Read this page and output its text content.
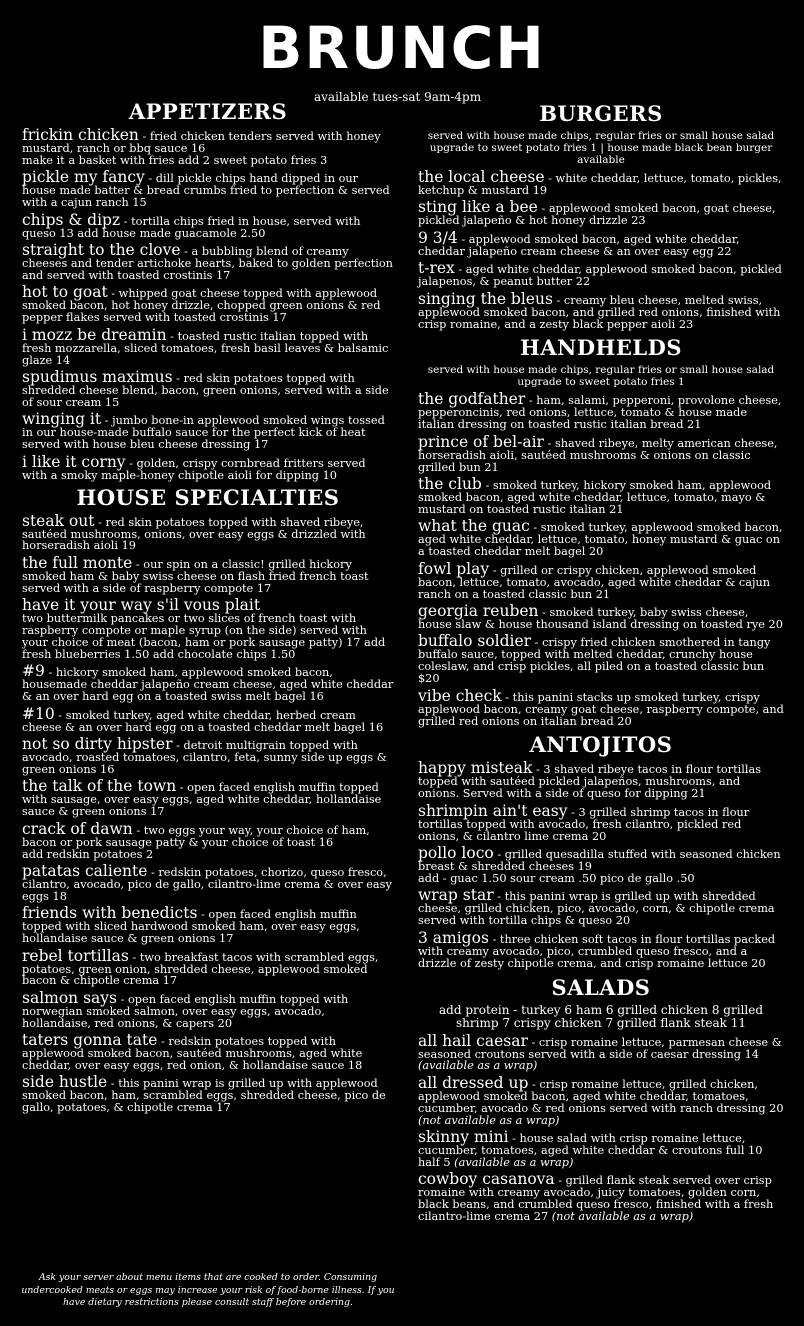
BRUNCH
available tues-sat 9am-4pm
APPETIZERS
frickin chicken - fried chicken tenders served with honey mustard, ranch or bbq sauce 16
make it a basket with fries add 2 sweet potato fries 3
pickle my fancy - dill pickle chips hand dipped in our house made batter & bread crumbs fried to perfection & served with a cajun ranch 15
chips & dipz - tortilla chips fried in house, served with queso 13 add house made guacamole 2.50
straight to the clove - a bubbling blend of creamy cheeses and tender artichoke hearts, baked to golden perfection and served with toasted crostinis 17
hot to goat - whipped goat cheese topped with applewood smoked bacon, hot honey drizzle, chopped green onions & red pepper flakes served with toasted crostinis 17
i mozz be dreamin - toasted rustic italian topped with fresh mozzarella, sliced tomatoes, fresh basil leaves & balsamic glaze 14
spudimus maximus - red skin potatoes topped with shredded cheese blend, bacon, green onions, served with a side of sour cream 15
winging it - jumbo bone-in applewood smoked wings tossed in our house-made buffalo sauce for the perfect kick of heat served with house bleu cheese dressing 17
i like it corny - golden, crispy cornbread fritters served with a smoky maple-honey chipotle aioli for dipping 10
HOUSE SPECIALTIES
steak out - red skin potatoes topped with shaved ribeye, sautéed mushrooms, onions, over easy eggs & drizzled with horseradish aioli 19
the full monte - our spin on a classic! grilled hickory smoked ham & baby swiss cheese on flash fried french toast served with a side of raspberry compote 17
have it your way s'il vous plait
two buttermilk pancakes or two slices of french toast with raspberry compote or maple syrup (on the side) served with your choice of meat (bacon, ham or pork sausage patty) 17 add fresh blueberries 1.50 add chocolate chips 1.50
#9 - hickory smoked ham, applewood smoked bacon, housemade cheddar jalapeño cream cheese, aged white cheddar & an over hard egg on a toasted swiss melt bagel 16
#10 - smoked turkey, aged white cheddar, herbed cream cheese & an over hard egg on a toasted cheddar melt bagel 16
not so dirty hipster - detroit multigrain topped with avocado, roasted tomatoes, cilantro, feta, sunny side up eggs & green onions 16
the talk of the town - open faced english muffin topped with sausage, over easy eggs, aged white cheddar, hollandaise sauce & green onions 17
crack of dawn - two eggs your way, your choice of ham, bacon or pork sausage patty & your choice of toast 16
add redskin potatoes 2
patatas caliente - redskin potatoes, chorizo, queso fresco, cilantro, avocado, pico de gallo, cilantro-lime crema & over easy eggs 18
friends with benedicts - open faced english muffin topped with sliced hardwood smoked ham, over easy eggs, hollandaise sauce & green onions 17
rebel tortillas - two breakfast tacos with scrambled eggs, potatoes, green onion, shredded cheese, applewood smoked bacon & chipotle crema 17
salmon says - open faced english muffin topped with norwegian smoked salmon, over easy eggs, avocado, hollandaise, red onions, & capers 20
taters gonna tate - redskin potatoes topped with applewood smoked bacon, sautéed mushrooms, aged white cheddar, over easy eggs, red onion, & hollandaise sauce 18
side hustle - this panini wrap is grilled up with applewood smoked bacon, ham, scrambled eggs, shredded cheese, pico de gallo, potatoes, & chipotle crema 17
Ask your server about menu items that are cooked to order. Consuming undercooked meats or eggs may increase your risk of food-borne illness. If you have dietary restrictions please consult staff before ordering.
BURGERS
served with house made chips, regular fries or small house salad upgrade to sweet potato fries 1 | house made black bean burger available
the local cheese - white cheddar, lettuce, tomato, pickles, ketchup & mustard 19
sting like a bee - applewood smoked bacon, goat cheese, pickled jalapeño & hot honey drizzle 23
9 3/4 - applewood smoked bacon, aged white cheddar, cheddar jalapeño cream cheese & an over easy egg 22
t-rex - aged white cheddar, applewood smoked bacon, pickled jalapenos, & peanut butter 22
singing the bleus - creamy bleu cheese, melted swiss, applewood smoked bacon, and grilled red onions, finished with crisp romaine, and a zesty black pepper aioli 23
HANDHELDS
served with house made chips, regular fries or small house salad upgrade to sweet potato fries 1
the godfather - ham, salami, pepperoni, provolone cheese, pepperoncinis, red onions, lettuce, tomato & house made italian dressing on toasted rustic italian bread 21
prince of bel-air - shaved ribeye, melty american cheese, horseradish aioli, sautéed mushrooms & onions on classic grilled bun 21
the club - smoked turkey, hickory smoked ham, applewood smoked bacon, aged white cheddar, lettuce, tomato, mayo & mustard on toasted rustic italian 21
what the guac - smoked turkey, applewood smoked bacon, aged white cheddar, lettuce, tomato, honey mustard & guac on a toasted cheddar melt bagel 20
fowl play - grilled or crispy chicken, applewood smoked bacon, lettuce, tomato, avocado, aged white cheddar & cajun ranch on a toasted classic bun 21
georgia reuben - smoked turkey, baby swiss cheese, house slaw & house thousand island dressing on toasted rye 20
buffalo soldier - crispy fried chicken smothered in tangy buffalo sauce, topped with melted cheddar, crunchy house coleslaw, and crisp pickles, all piled on a toasted classic bun $20
vibe check - this panini stacks up smoked turkey, crispy applewood bacon, creamy goat cheese, raspberry compote, and grilled red onions on italian bread 20
ANTOJITOS
happy misteak - 3 shaved ribeye tacos in flour tortillas topped with sautéed pickled jalapeños, mushrooms, and onions. Served with a side of queso for dipping 21
shrimpin ain't easy - 3 grilled shrimp tacos in flour tortillas topped with avocado, fresh cilantro, pickled red onions, & cilantro lime crema 20
pollo loco - grilled quesadilla stuffed with seasoned chicken breast & shredded cheeses 19
add - guac 1.50 sour cream .50 pico de gallo .50
wrap star - this panini wrap is grilled up with shredded cheese, grilled chicken, pico, avocado, corn, & chipotle crema served with tortilla chips & queso 20
3 amigos - three chicken soft tacos in flour tortillas packed with creamy avocado, pico, crumbled queso fresco, and a drizzle of zesty chipotle crema, and crisp romaine lettuce 20
SALADS
add protein - turkey 6 ham 6 grilled chicken 8 grilled shrimp 7 crispy chicken 7 grilled flank steak 11
all hail caesar - crisp romaine lettuce, parmesan cheese & seasoned croutons served with a side of caesar dressing 14 (available as a wrap)
all dressed up - crisp romaine lettuce, grilled chicken, applewood smoked bacon, aged white cheddar, tomatoes, cucumber, avocado & red onions served with ranch dressing 20 (not available as a wrap)
skinny mini - house salad with crisp romaine lettuce, cucumber, tomatoes, aged white cheddar & croutons full 10 half 5 (available as a wrap)
cowboy casanova - grilled flank steak served over crisp romaine with creamy avocado, juicy tomatoes, golden corn, black beans, and crumbled queso fresco, finished with a fresh cilantro-lime crema 27 (not available as a wrap)
